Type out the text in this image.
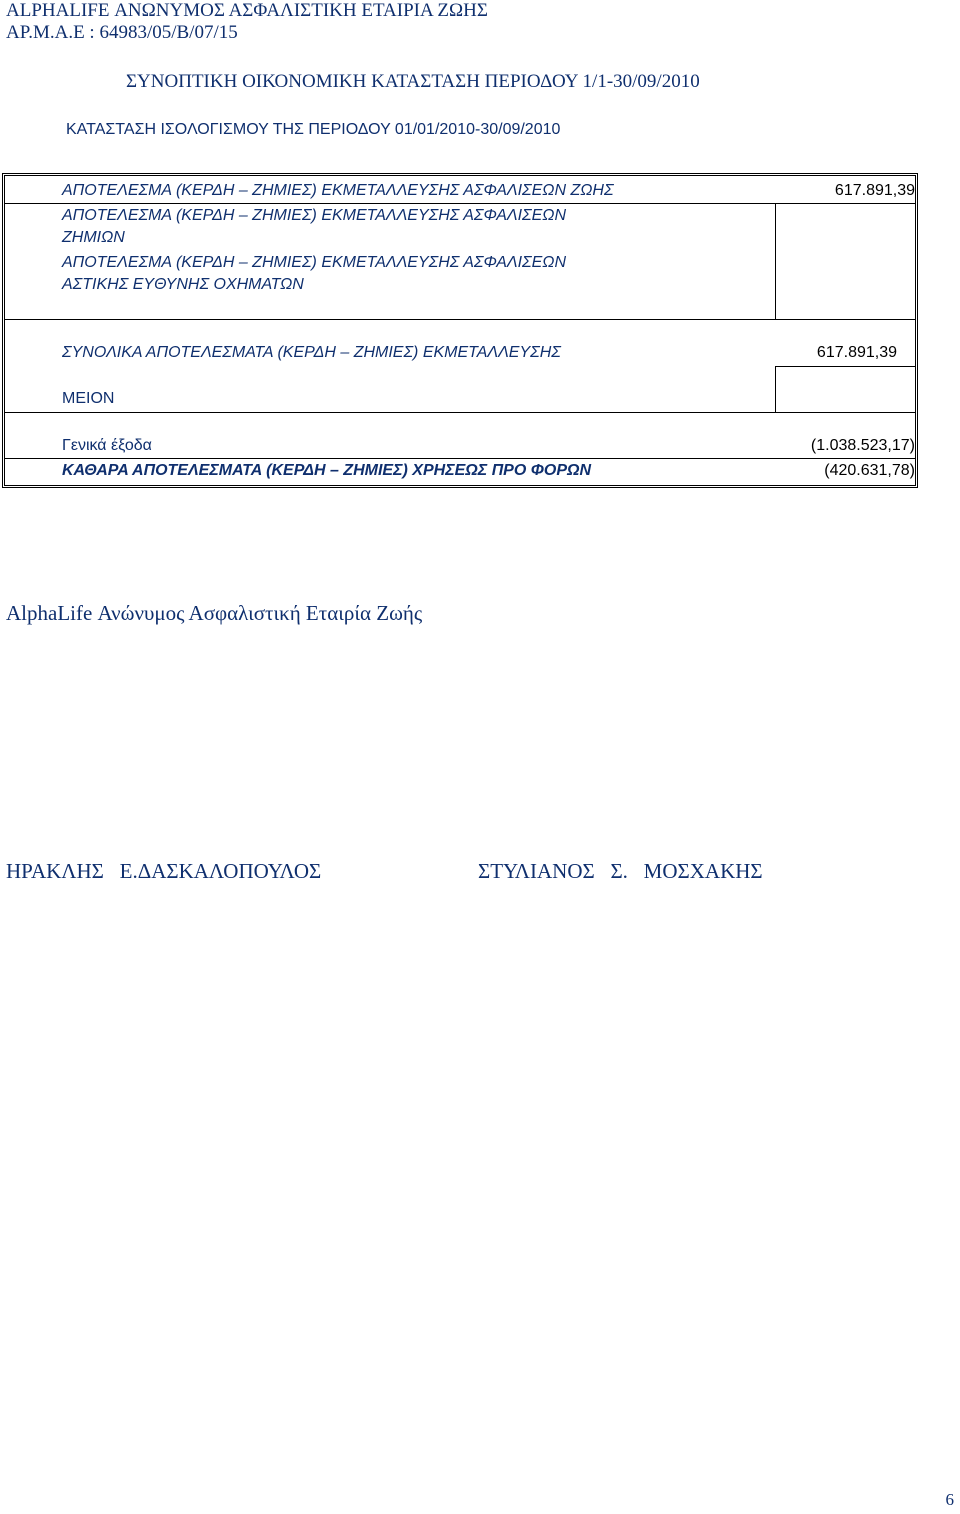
ALPHALIFE ΑΝΩΝΥΜΟΣ ΑΣΦΑΛΙΣΤΙΚΗ ΕΤΑΙΡΙΑ ΖΩΗΣ
ΑΡ.Μ.Α.Ε : 64983/05/Β/07/15
ΣΥΝΟΠΤΙΚΗ ΟΙΚΟΝΟΜΙΚΗ ΚΑΤΑΣΤΑΣΗ ΠΕΡΙΟΔΟΥ 1/1-30/09/2010
ΚΑΤΑΣΤΑΣΗ ΙΣΟΛΟΓΙΣΜΟΥ ΤΗΣ ΠΕΡΙΟΔΟΥ 01/01/2010-30/09/2010
ΑΠΟΤΕΛΕΣΜΑ (ΚΕΡΔΗ – ΖΗΜΙΕΣ) ΕΚΜΕΤΑΛΛΕΥΣΗΣ ΑΣΦΑΛΙΣΕΩΝ ΖΩΗΣ	617.891,39
ΑΠΟΤΕΛΕΣΜΑ (ΚΕΡΔΗ – ΖΗΜΙΕΣ) ΕΚΜΕΤΑΛΛΕΥΣΗΣ ΑΣΦΑΛΙΣΕΩΝ
ΖΗΜΙΩΝ
ΑΠΟΤΕΛΕΣΜΑ (ΚΕΡΔΗ – ΖΗΜΙΕΣ) ΕΚΜΕΤΑΛΛΕΥΣΗΣ ΑΣΦΑΛΙΣΕΩΝ
ΑΣΤΙΚΗΣ ΕΥΘΥΝΗΣ ΟΧΗΜΑΤΩΝ
ΣΥΝΟΛΙΚΑ ΑΠΟΤΕΛΕΣΜΑΤΑ (ΚΕΡΔΗ – ΖΗΜΙΕΣ) ΕΚΜΕΤΑΛΛΕΥΣΗΣ	617.891,39
ΜΕΙΟΝ
Γενικά έξοδα	(1.038.523,17)
ΚΑΘΑΡΑ ΑΠΟΤΕΛΕΣΜΑΤΑ (ΚΕΡΔΗ – ΖΗΜΙΕΣ) ΧΡΗΣΕΩΣ ΠΡΟ ΦΟΡΩΝ	(420.631,78)
AlphaLife Ανώνυμος Ασφαλιστική Εταιρία Ζωής
ΗΡΑΚΛΗΣ   Ε.ΔΑΣΚΑΛΟΠΟΥΛΟΣ	ΣΤΥΛΙΑΝΟΣ   Σ.   ΜΟΣΧΑΚΗΣ
6
